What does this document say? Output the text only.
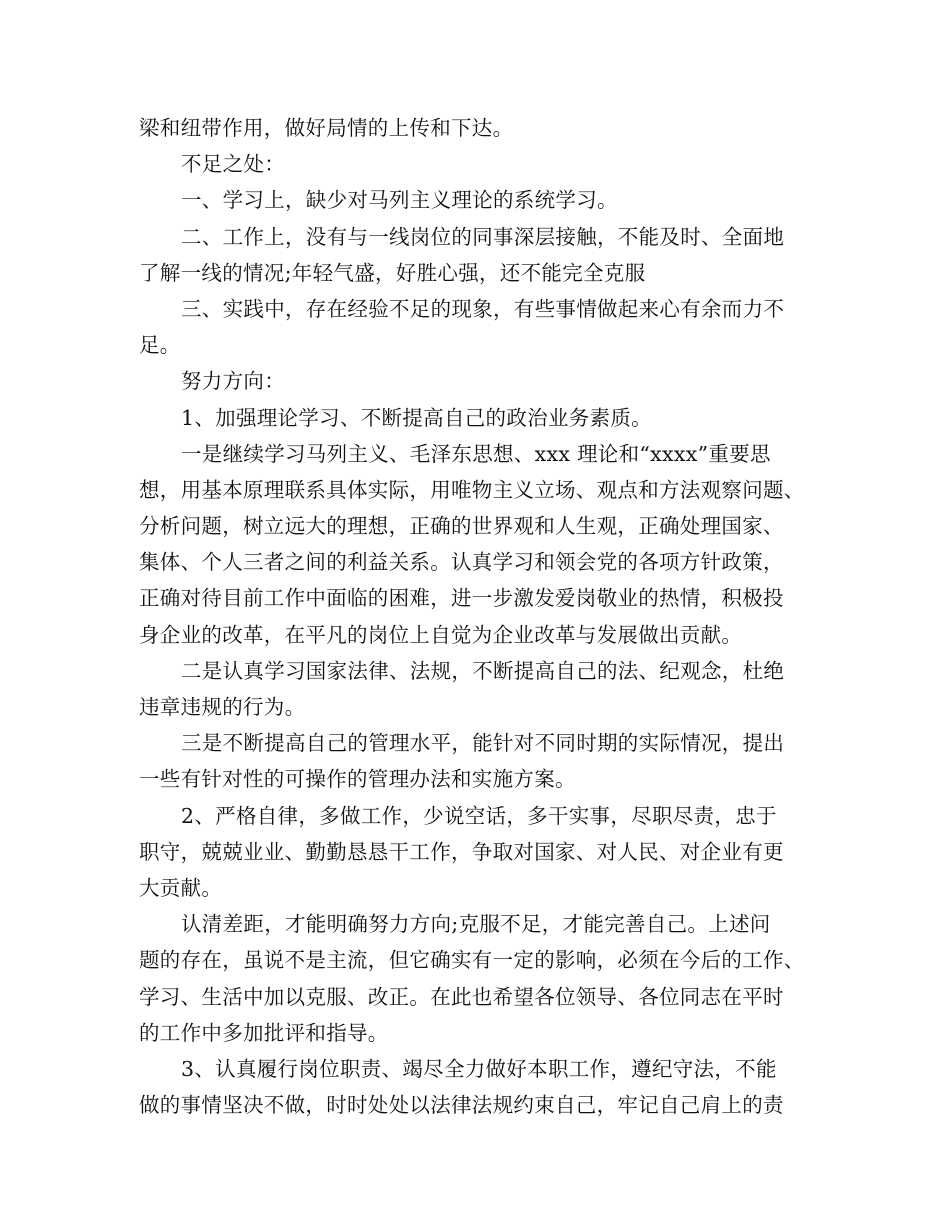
梁和纽带作用，做好局情的上传和下达。
不足之处：
一、学习上，缺少对马列主义理论的系统学习。
二、工作上，没有与一线岗位的同事深层接触，不能及时、全面地
了解一线的情况;年轻气盛，好胜心强，还不能完全克服
三、实践中，存在经验不足的现象，有些事情做起来心有余而力不
足。
努力方向：
1、加强理论学习、不断提高自己的政治业务素质。
一是继续学习马列主义、毛泽东思想、xxx 理论和“xxxx”重要思
想，用基本原理联系具体实际，用唯物主义立场、观点和方法观察问题、
分析问题，树立远大的理想，正确的世界观和人生观，正确处理国家、
集体、个人三者之间的利益关系。认真学习和领会党的各项方针政策，
正确对待目前工作中面临的困难，进一步激发爱岗敬业的热情，积极投
身企业的改革，在平凡的岗位上自觉为企业改革与发展做出贡献。
二是认真学习国家法律、法规，不断提高自己的法、纪观念，杜绝
违章违规的行为。
三是不断提高自己的管理水平，能针对不同时期的实际情况，提出
一些有针对性的可操作的管理办法和实施方案。
2、严格自律，多做工作，少说空话，多干实事，尽职尽责，忠于
职守，兢兢业业、勤勤恳恳干工作，争取对国家、对人民、对企业有更
大贡献。
认清差距，才能明确努力方向;克服不足，才能完善自己。上述问
题的存在，虽说不是主流，但它确实有一定的影响，必须在今后的工作、
学习、生活中加以克服、改正。在此也希望各位领导、各位同志在平时
的工作中多加批评和指导。
3、认真履行岗位职责、竭尽全力做好本职工作，遵纪守法，不能
做的事情坚决不做，时时处处以法律法规约束自己，牢记自己肩上的责
